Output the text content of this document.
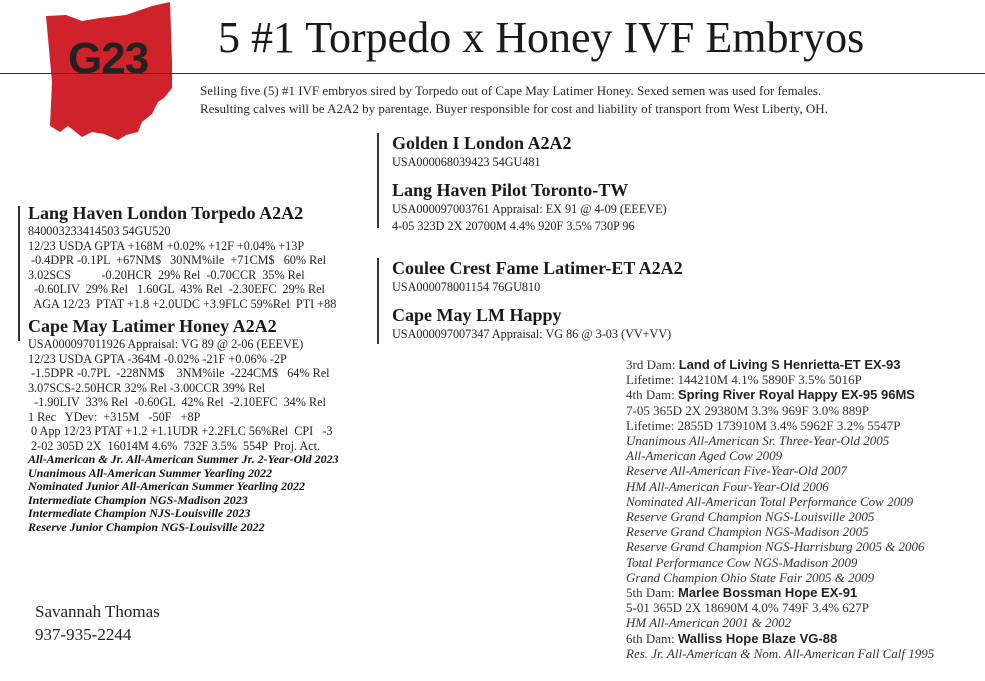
G23 5 #1 Torpedo x Honey IVF Embryos
Selling five (5) #1 IVF embryos sired by Torpedo out of Cape May Latimer Honey. Sexed semen was used for females.
Resulting calves will be A2A2 by parentage. Buyer responsible for cost and liability of transport from West Liberty, OH.
Golden I London A2A2
USA000068039423 54GU481
Lang Haven Pilot Toronto-TW
USA000097003761 Appraisal: EX 91 @ 4-09 (EEEVE)
4-05 323D 2X 20700M 4.4% 920F 3.5% 730P 96
Coulee Crest Fame Latimer-ET A2A2
USA000078001154 76GU810
Cape May LM Happy
USA000097007347 Appraisal: VG 86 @ 3-03 (VV+VV)
Lang Haven London Torpedo A2A2
840003233414503 54GU520
12/23 USDA GPTA +168M +0.02% +12F +0.04% +13P
-0.4DPR -0.1PL  +67NM$   30NM%ile  +71CM$   60% Rel
3.02SCS          -0.20HCR  29% Rel  -0.70CCR  35% Rel
-0.60LIV  29% Rel   1.60GL  43% Rel  -2.30EFC  29% Rel
AGA 12/23  PTAT +1.8 +2.0UDC +3.9FLC 59%Rel  PTI +88
Cape May Latimer Honey A2A2
USA000097011926 Appraisal: VG 89 @ 2-06 (EEEVE)
12/23 USDA GPTA -364M -0.02% -21F +0.06% -2P
-1.5DPR -0.7PL  -228NM$    3NM%ile  -224CM$   64% Rel
3.07SCS-2.50HCR 32% Rel -3.00CCR 39% Rel
-1.90LIV  33% Rel  -0.60GL  42% Rel  -2.10EFC  34% Rel
1 Rec   YDev:  +315M   -50F   +8P
0 App 12/23 PTAT +1.2 +1.1UDR +2.2FLC 56%Rel  CPI   -3
2-02 305D 2X  16014M 4.6%  732F 3.5%  554P  Proj. Act.
All-American & Jr. All-American Summer Jr. 2-Year-Old 2023
Unanimous All-American Summer Yearling 2022
Nominated Junior All-American Summer Yearling 2022
Intermediate Champion NGS-Madison 2023
Intermediate Champion NJS-Louisville 2023
Reserve Junior Champion NGS-Louisville 2022
3rd Dam: Land of Living S Henrietta-ET EX-93
Lifetime: 144210M 4.1% 5890F 3.5% 5016P
4th Dam: Spring River Royal Happy EX-95 96MS
7-05 365D 2X 29380M 3.3% 969F 3.0% 889P
Lifetime: 2855D 173910M 3.4% 5962F 3.2% 5547P
Unanimous All-American Sr. Three-Year-Old 2005
All-American Aged Cow 2009
Reserve All-American Five-Year-Old 2007
HM All-American Four-Year-Old 2006
Nominated All-American Total Performance Cow 2009
Reserve Grand Champion NGS-Louisville 2005
Reserve Grand Champion NGS-Madison 2005
Reserve Grand Champion NGS-Harrisburg 2005 & 2006
Total Performance Cow NGS-Madison 2009
Grand Champion Ohio State Fair 2005 & 2009
5th Dam: Marlee Bossman Hope EX-91
5-01 365D 2X 18690M 4.0% 749F 3.4% 627P
HM All-American 2001 & 2002
6th Dam: Walliss Hope Blaze VG-88
Res. Jr. All-American & Nom. All-American Fall Calf 1995
Savannah Thomas
937-935-2244
